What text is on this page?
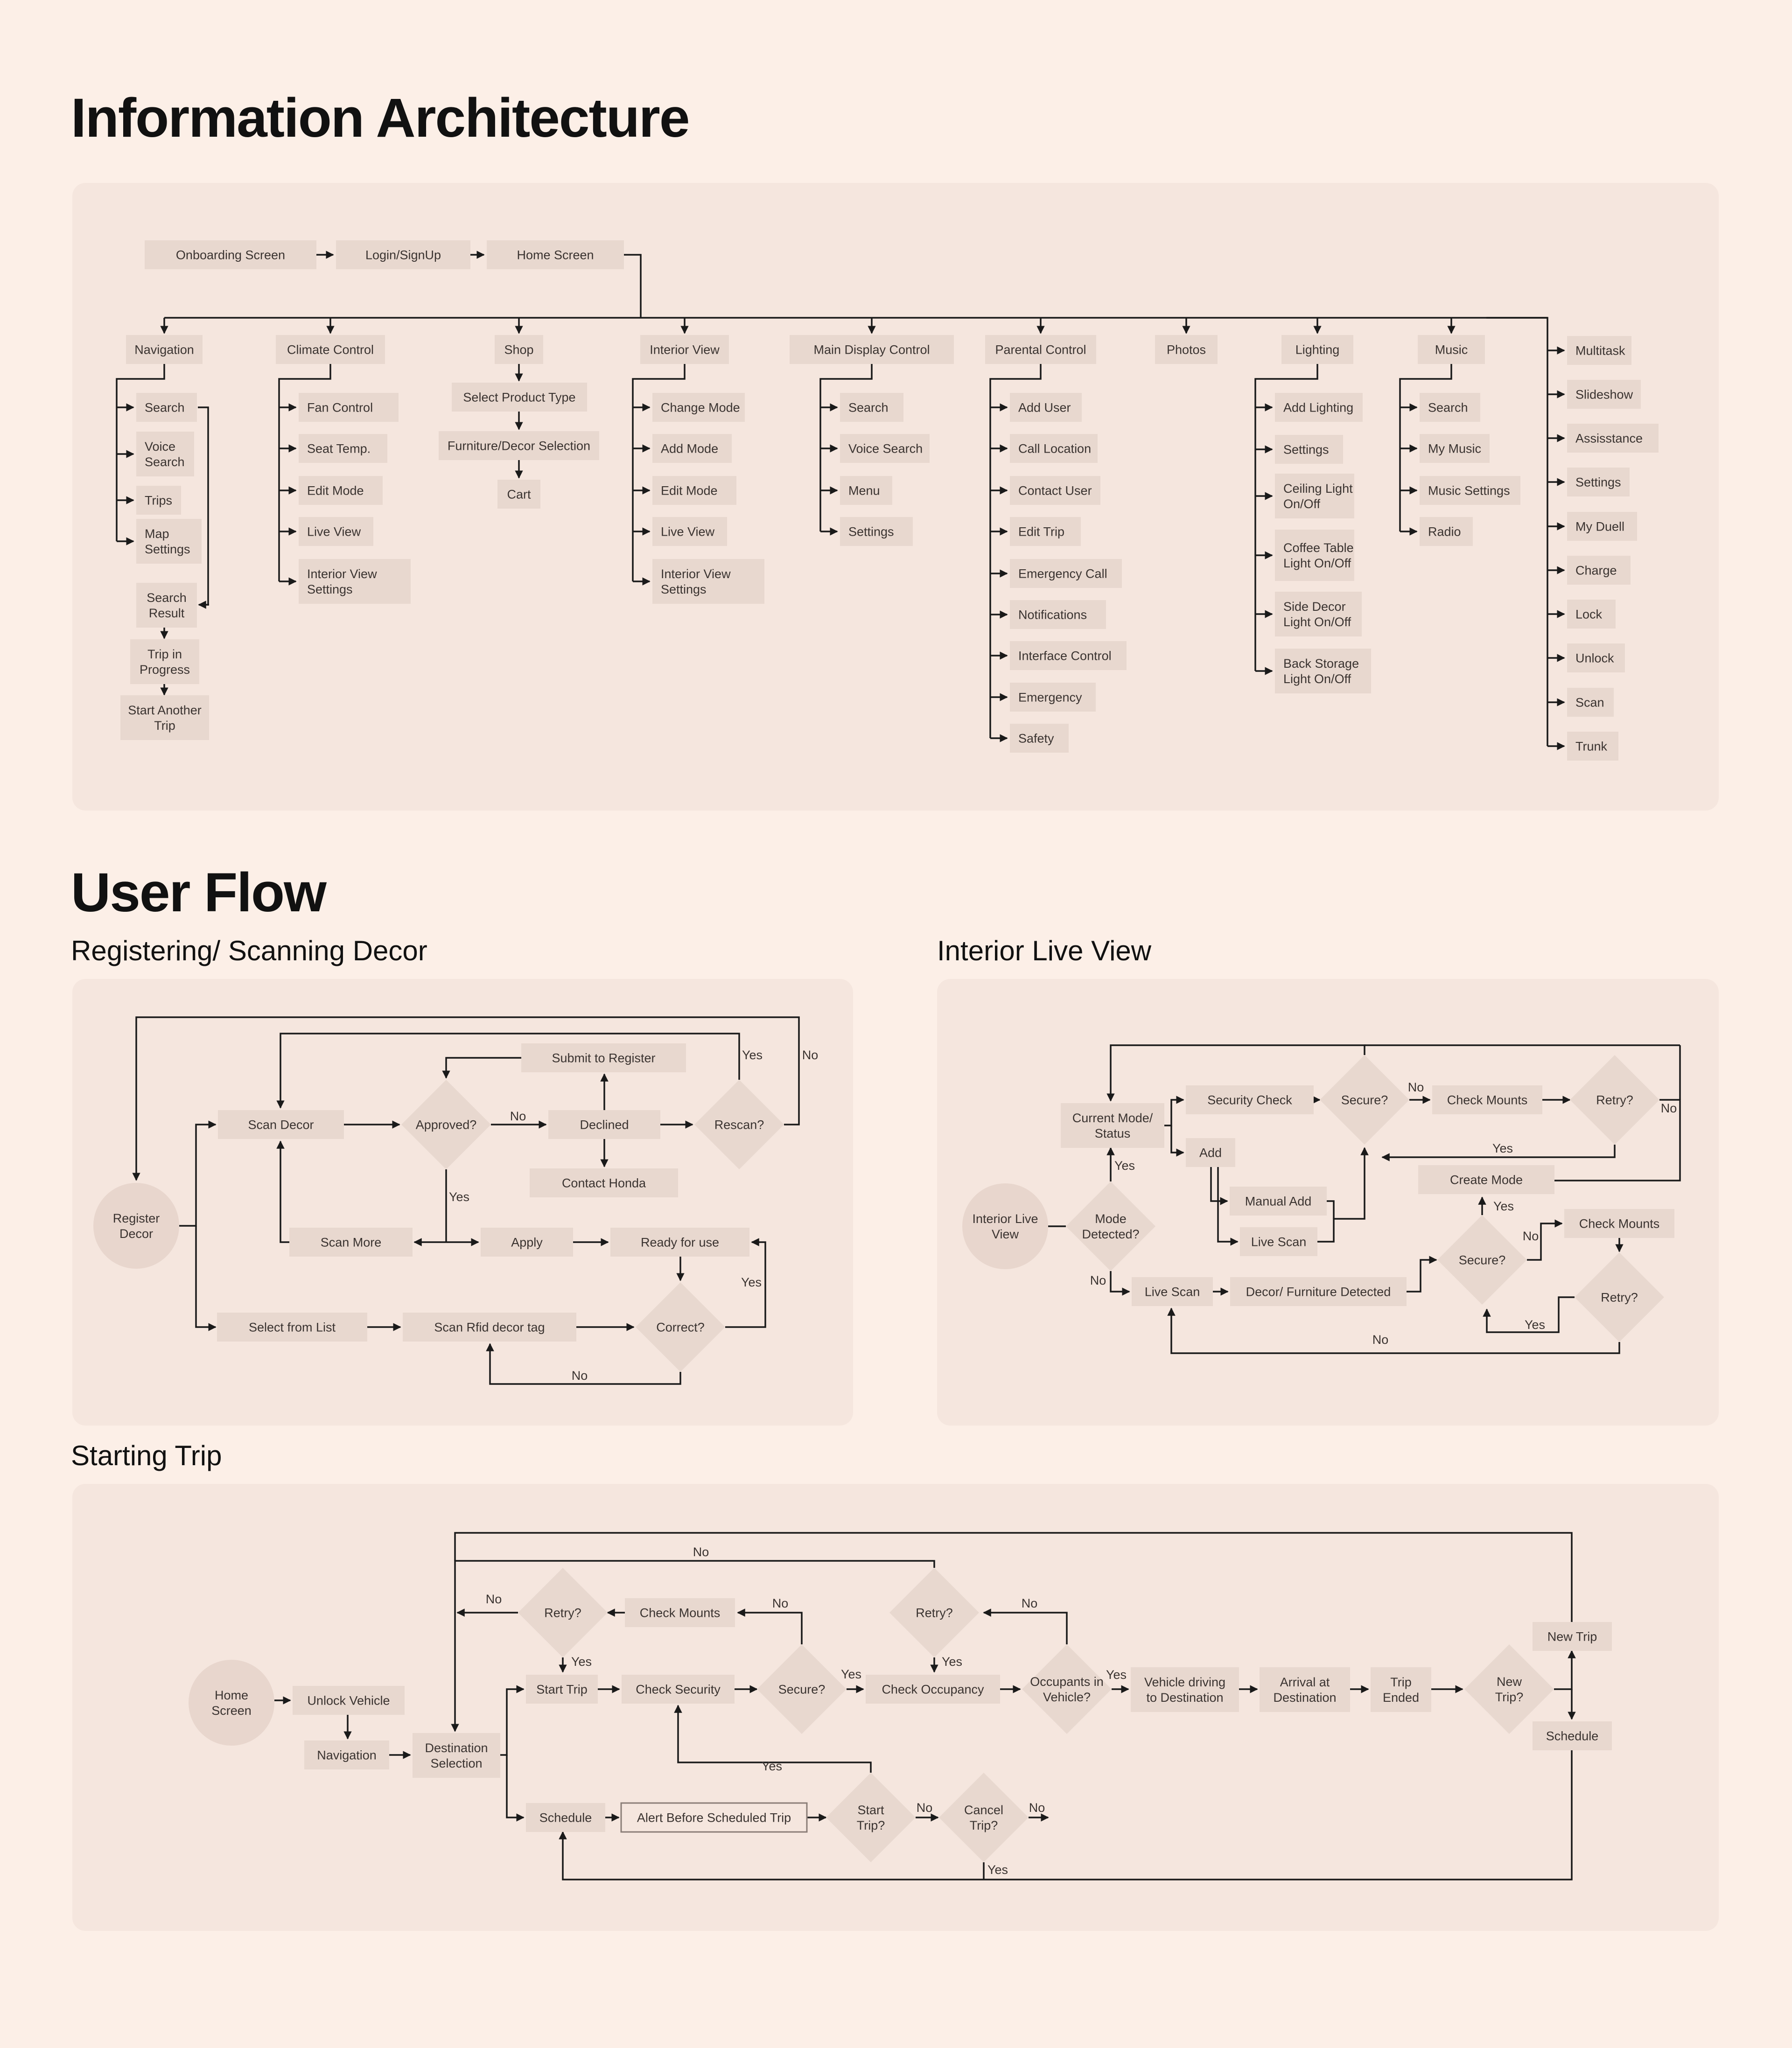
Information Architecture
User Flow
Registering/ Scanning Decor	Interior Live View
Starting Trip
Onboarding Screen	Login/SignUp	Home Screen
Navigation	Climate Control	Shop	Interior View	Main Display Control	Parental Control	Photos	Lighting	Music
Search
Voice Search
Trips
Map Settings
Search Result
Trip in Progress
Start Another Trip
Fan Control
Seat Temp.
Edit Mode
Live View
Interior View Settings
Change Mode
Add Mode
Edit Mode
Live View
Interior View Settings
Search
Voice Search
Menu
Settings
Add User
Call Location
Contact User
Edit Trip
Emergency Call
Notifications
Interface Control
Emergency
Safety
Add Lighting
Settings
Ceiling Light On/Off
Coffee Table Light On/Off
Side Decor Light On/Off
Back Storage Light On/Off
Search
My Music
Music Settings
Radio
Select Product Type
Furniture/Decor Selection
Cart
Multitask
Slideshow
Assisstance
Settings
My Duell
Charge
Lock
Unlock
Scan
Trunk
Register Decor
Scan Decor	Approved?
No
Declined
Submit to Register
Contact Honda
Rescan?
Yes	No
Yes
Scan More	Apply	Ready for use
Select from List	Scan Rfid decor tag	Correct?
Yes
No
Interior Live View
Mode Detected?
Yes
Current Mode/ Status
No
Live Scan	Decor/ Furniture Detected
Secure?
Yes
Create Mode
No
Check Mounts
Retry?
Yes
No
Security Check	Secure?
No
Check Mounts	Retry?
Yes
No
Add
Manual Add
Live Scan
Home Screen
Unlock Vehicle
Navigation
Destination Selection
Start Trip	Check Security	Secure?
No
Check Mounts
Retry?
Yes
No
Yes
Check Occupancy
Occupants in Vehicle?
No
Retry?
Yes
No
Yes
Vehicle driving to Destination
Arrival at Destination
Trip Ended
New Trip?
New Trip
Schedule
Schedule	Alert Before Scheduled Trip
Start Trip?
Yes
No	Cancel Trip?
No
Yes
